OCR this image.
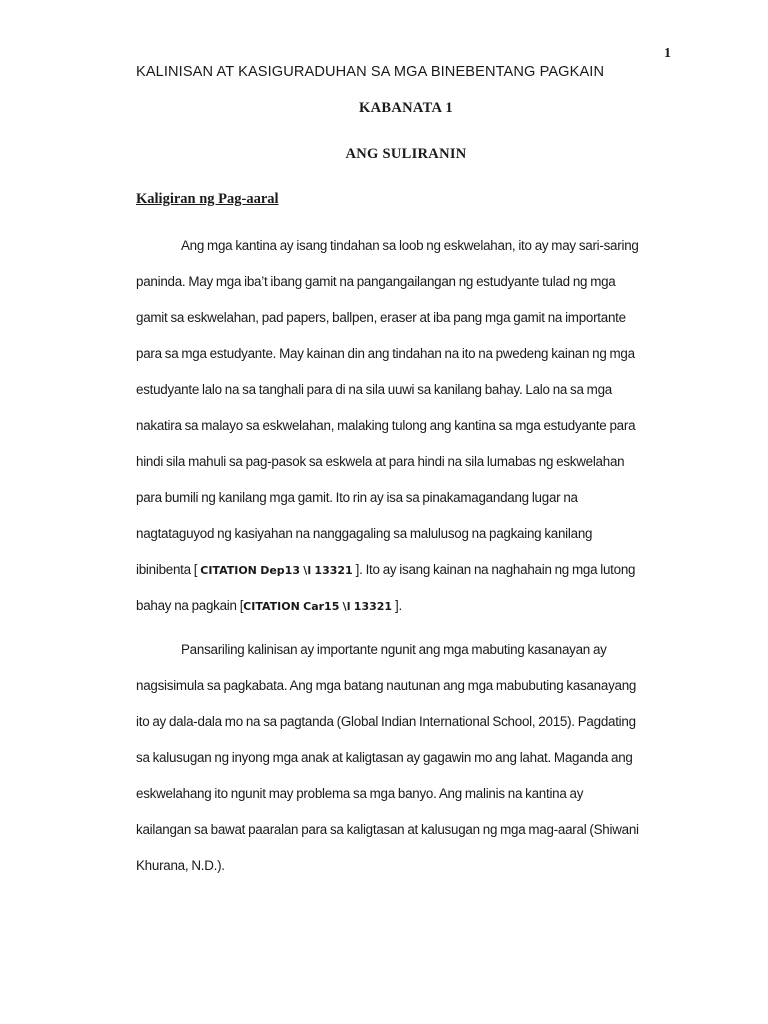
1
KALINISAN AT KASIGURADUHAN SA MGA BINEBENTANG PAGKAIN
KABANATA 1
ANG SULIRANIN
Kaligiran ng Pag-aaral
Ang mga kantina ay isang tindahan sa loob ng eskwelahan, ito ay may sari-saring
paninda. May mga iba’t ibang gamit na pangangailangan ng estudyante tulad ng mga
gamit sa eskwelahan, pad papers, ballpen, eraser at iba pang mga gamit na importante
para sa mga estudyante. May kainan din ang tindahan na ito na pwedeng kainan ng mga
estudyante lalo na sa tanghali para di na sila uuwi sa kanilang bahay. Lalo na sa mga
nakatira sa malayo sa eskwelahan, malaking tulong ang kantina sa mga estudyante para
hindi sila mahuli sa pag-pasok sa eskwela at para hindi na sila lumabas ng eskwelahan
para bumili ng kanilang mga gamit. Ito rin ay isa sa pinakamagandang lugar na
nagtataguyod ng kasiyahan na nanggagaling sa malulusog na pagkaing kanilang
ibinibenta [ CITATION Dep13 \l 13321 ]. Ito ay isang kainan na naghahain ng mga lutong
bahay na pagkain [CITATION Car15 \l 13321 ].
Pansariling kalinisan ay importante ngunit ang mga mabuting kasanayan ay
nagsisimula sa pagkabata. Ang mga batang nautunan ang mga mabubuting kasanayang
ito ay dala-dala mo na sa pagtanda (Global Indian International School, 2015). Pagdating
sa kalusugan ng inyong mga anak at kaligtasan ay gagawin mo ang lahat. Maganda ang
eskwelahang ito ngunit may problema sa mga banyo. Ang malinis na kantina ay
kailangan sa bawat paaralan para sa kaligtasan at kalusugan ng mga mag-aaral (Shiwani
Khurana, N.D.).
